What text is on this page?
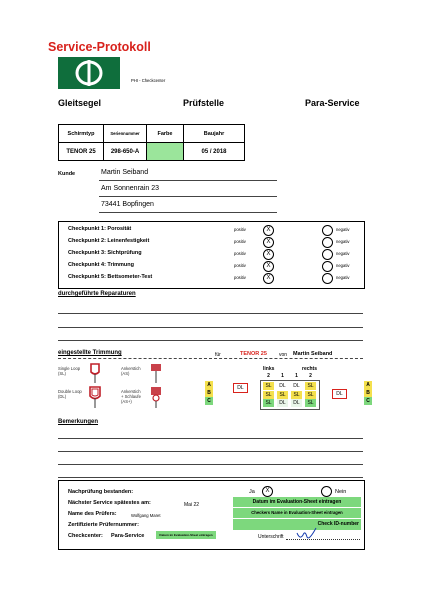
Service-Protokoll
PHI - Checkcenter
Gleitsegel	Prüfstelle	Para-Service
Schirmtyp	Seriennummer	Farbe	Baujahr
TENOR 25	298-650-A		05 / 2018
Kunde	Martin Seiband
Am Sonnenrain 23
73441 Bopfingen
Checkpunkt 1: Porosität	positiv	X	negativ
Checkpunkt 2: Leinenfestigkeit	positiv	X	negativ
Checkpunkt 3: Sichtprüfung	positiv	X	negativ
Checkpunkt 4: Trimmung	positiv	X	negativ
Checkpunkt 5: Bettsometer-Test	positiv	X	negativ
durchgeführte Reparaturen
eingestellte Trimmung	für	TENOR 25 von Martin Seiband
Single Loop
(SL)
Ankerstich
(AS)
Double Loop
(DL)
Ankerstich
+ Schlaufe
(AS+)
links	rechts
DL
DL
2	1	1	2
SL	DL	DL	SL
SL	SL	SL	SL
SL	DL	DL	SL
A
B
C
A
B
C
Bemerkungen
Nachprüfung bestanden:	Ja	X	Nein
Nächster Service spätestes am:	Mai 22	Datum im Evaluation-Sheet eintragen
Name des Prüfers:	Wolfgang Maret
Checkers Name in Evaluation-Sheet eintragen
Zertifizierte Prüfernummer:	Check ID-number
Checkcenter: Para-Service	Datum im Evaluation-Sheet eintragen	Unterschrift
